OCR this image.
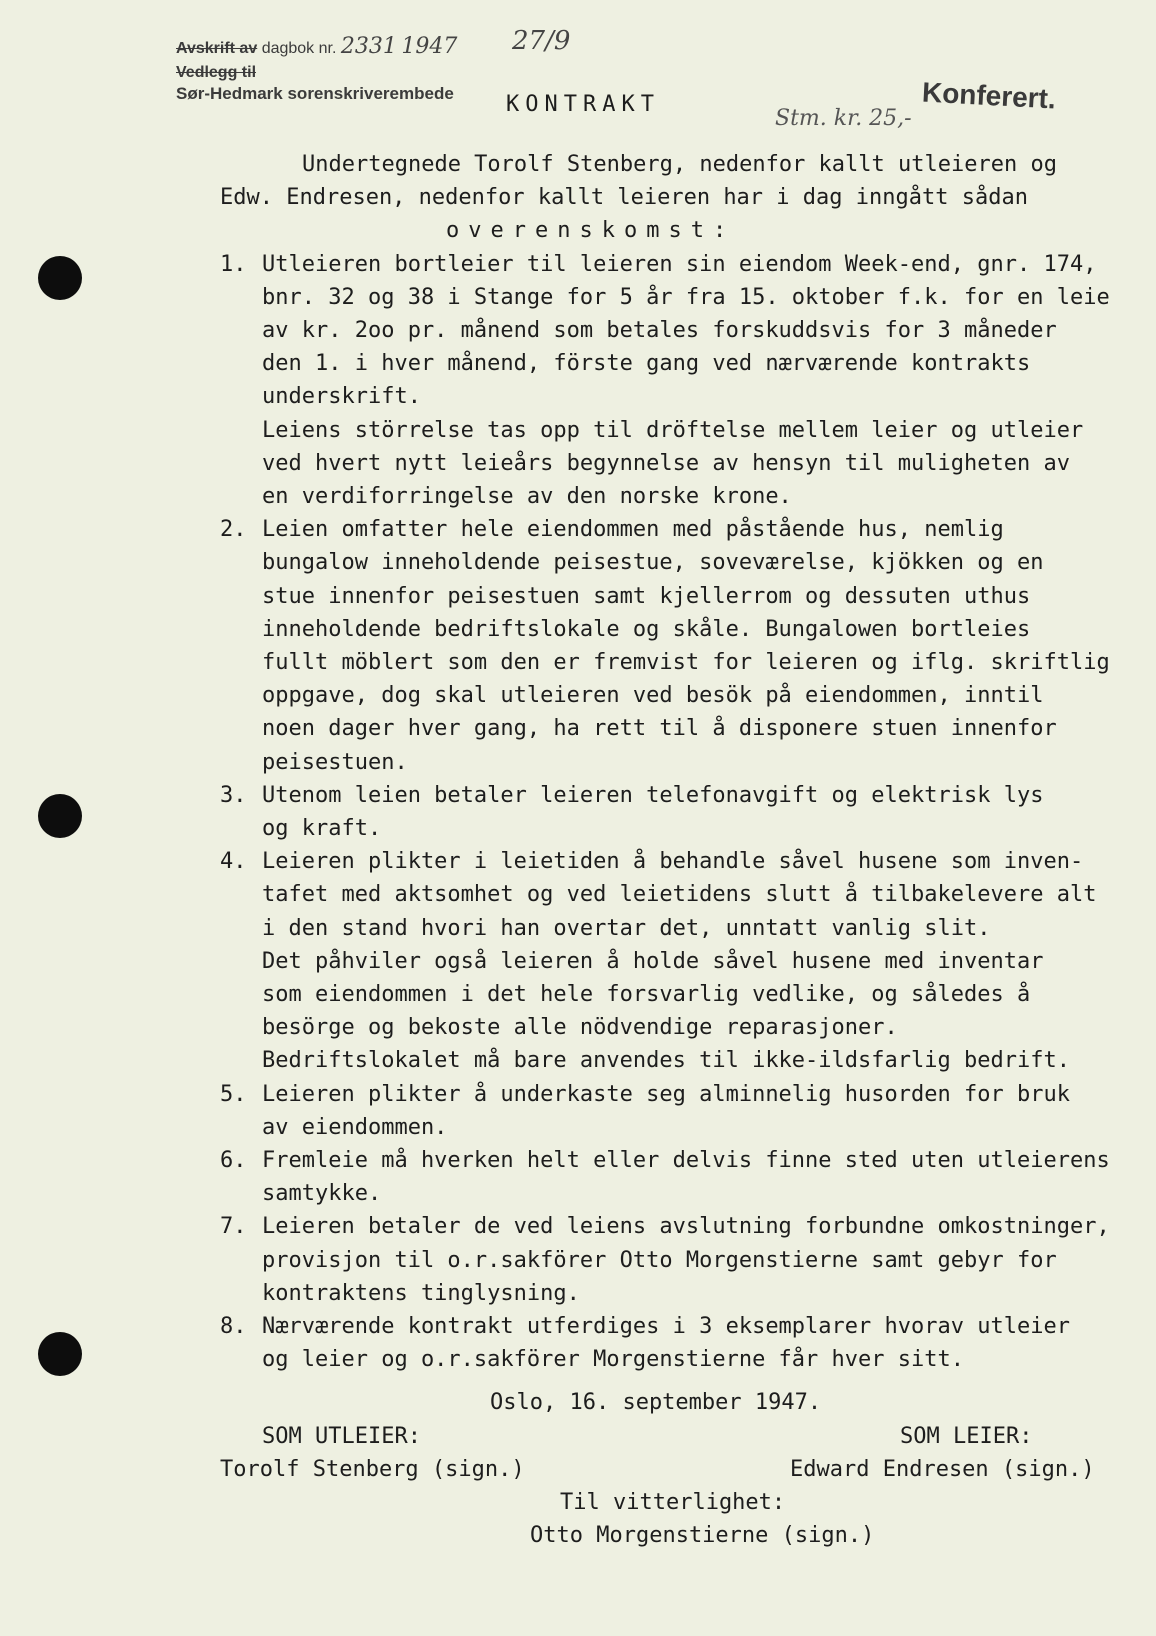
Avskrift av dagbok nr. 2331 1947
Vedlegg til
Sør-Hedmark sorenskriverembede
27/9
Stm. kr. 25,-
Konferert.
KONTRAKT
Undertegnede Torolf Stenberg, nedenfor kallt utleieren og
Edw. Endresen, nedenfor kallt leieren har i dag inngått sådan
overenskomst:
1. Utleieren bortleier til leieren sin eiendom Week-end, gnr. 174,
bnr. 32 og 38 i Stange for 5 år fra 15. oktober f.k. for en leie
av kr. 2oo pr. månend som betales forskuddsvis for 3 måneder
den 1. i hver månend, förste gang ved nærværende kontrakts
underskrift.
Leiens störrelse tas opp til dröftelse mellem leier og utleier
ved hvert nytt leieårs begynnelse av hensyn til muligheten av
en verdiforringelse av den norske krone.
2. Leien omfatter hele eiendommen med påstående hus, nemlig
bungalow inneholdende peisestue, soveværelse, kjökken og en
stue innenfor peisestuen samt kjellerrom og dessuten uthus
inneholdende bedriftslokale og skåle. Bungalowen bortleies
fullt möblert som den er fremvist for leieren og iflg. skriftlig
oppgave, dog skal utleieren ved besök på eiendommen, inntil
noen dager hver gang, ha rett til å disponere stuen innenfor
peisestuen.
3. Utenom leien betaler leieren telefonavgift og elektrisk lys
og kraft.
4. Leieren plikter i leietiden å behandle såvel husene som inven-
tafet med aktsomhet og ved leietidens slutt å tilbakelevere alt
i den stand hvori han overtar det, unntatt vanlig slit.
Det påhviler også leieren å holde såvel husene med inventar
som eiendommen i det hele forsvarlig vedlike, og således å
besörge og bekoste alle nödvendige reparasjoner.
Bedriftslokalet må bare anvendes til ikke-ildsfarlig bedrift.
5. Leieren plikter å underkaste seg alminnelig husorden for bruk
av eiendommen.
6. Fremleie må hverken helt eller delvis finne sted uten utleierens
samtykke.
7. Leieren betaler de ved leiens avslutning forbundne omkostninger,
provisjon til o.r.sakförer Otto Morgenstierne samt gebyr for
kontraktens tinglysning.
8. Nærværende kontrakt utferdiges i 3 eksemplarer hvorav utleier
og leier og o.r.sakförer Morgenstierne får hver sitt.
Oslo, 16. september 1947.
SOM UTLEIER:	SOM LEIER:
Torolf Stenberg (sign.)	Edward Endresen (sign.)
Til vitterlighet:
Otto Morgenstierne (sign.)
